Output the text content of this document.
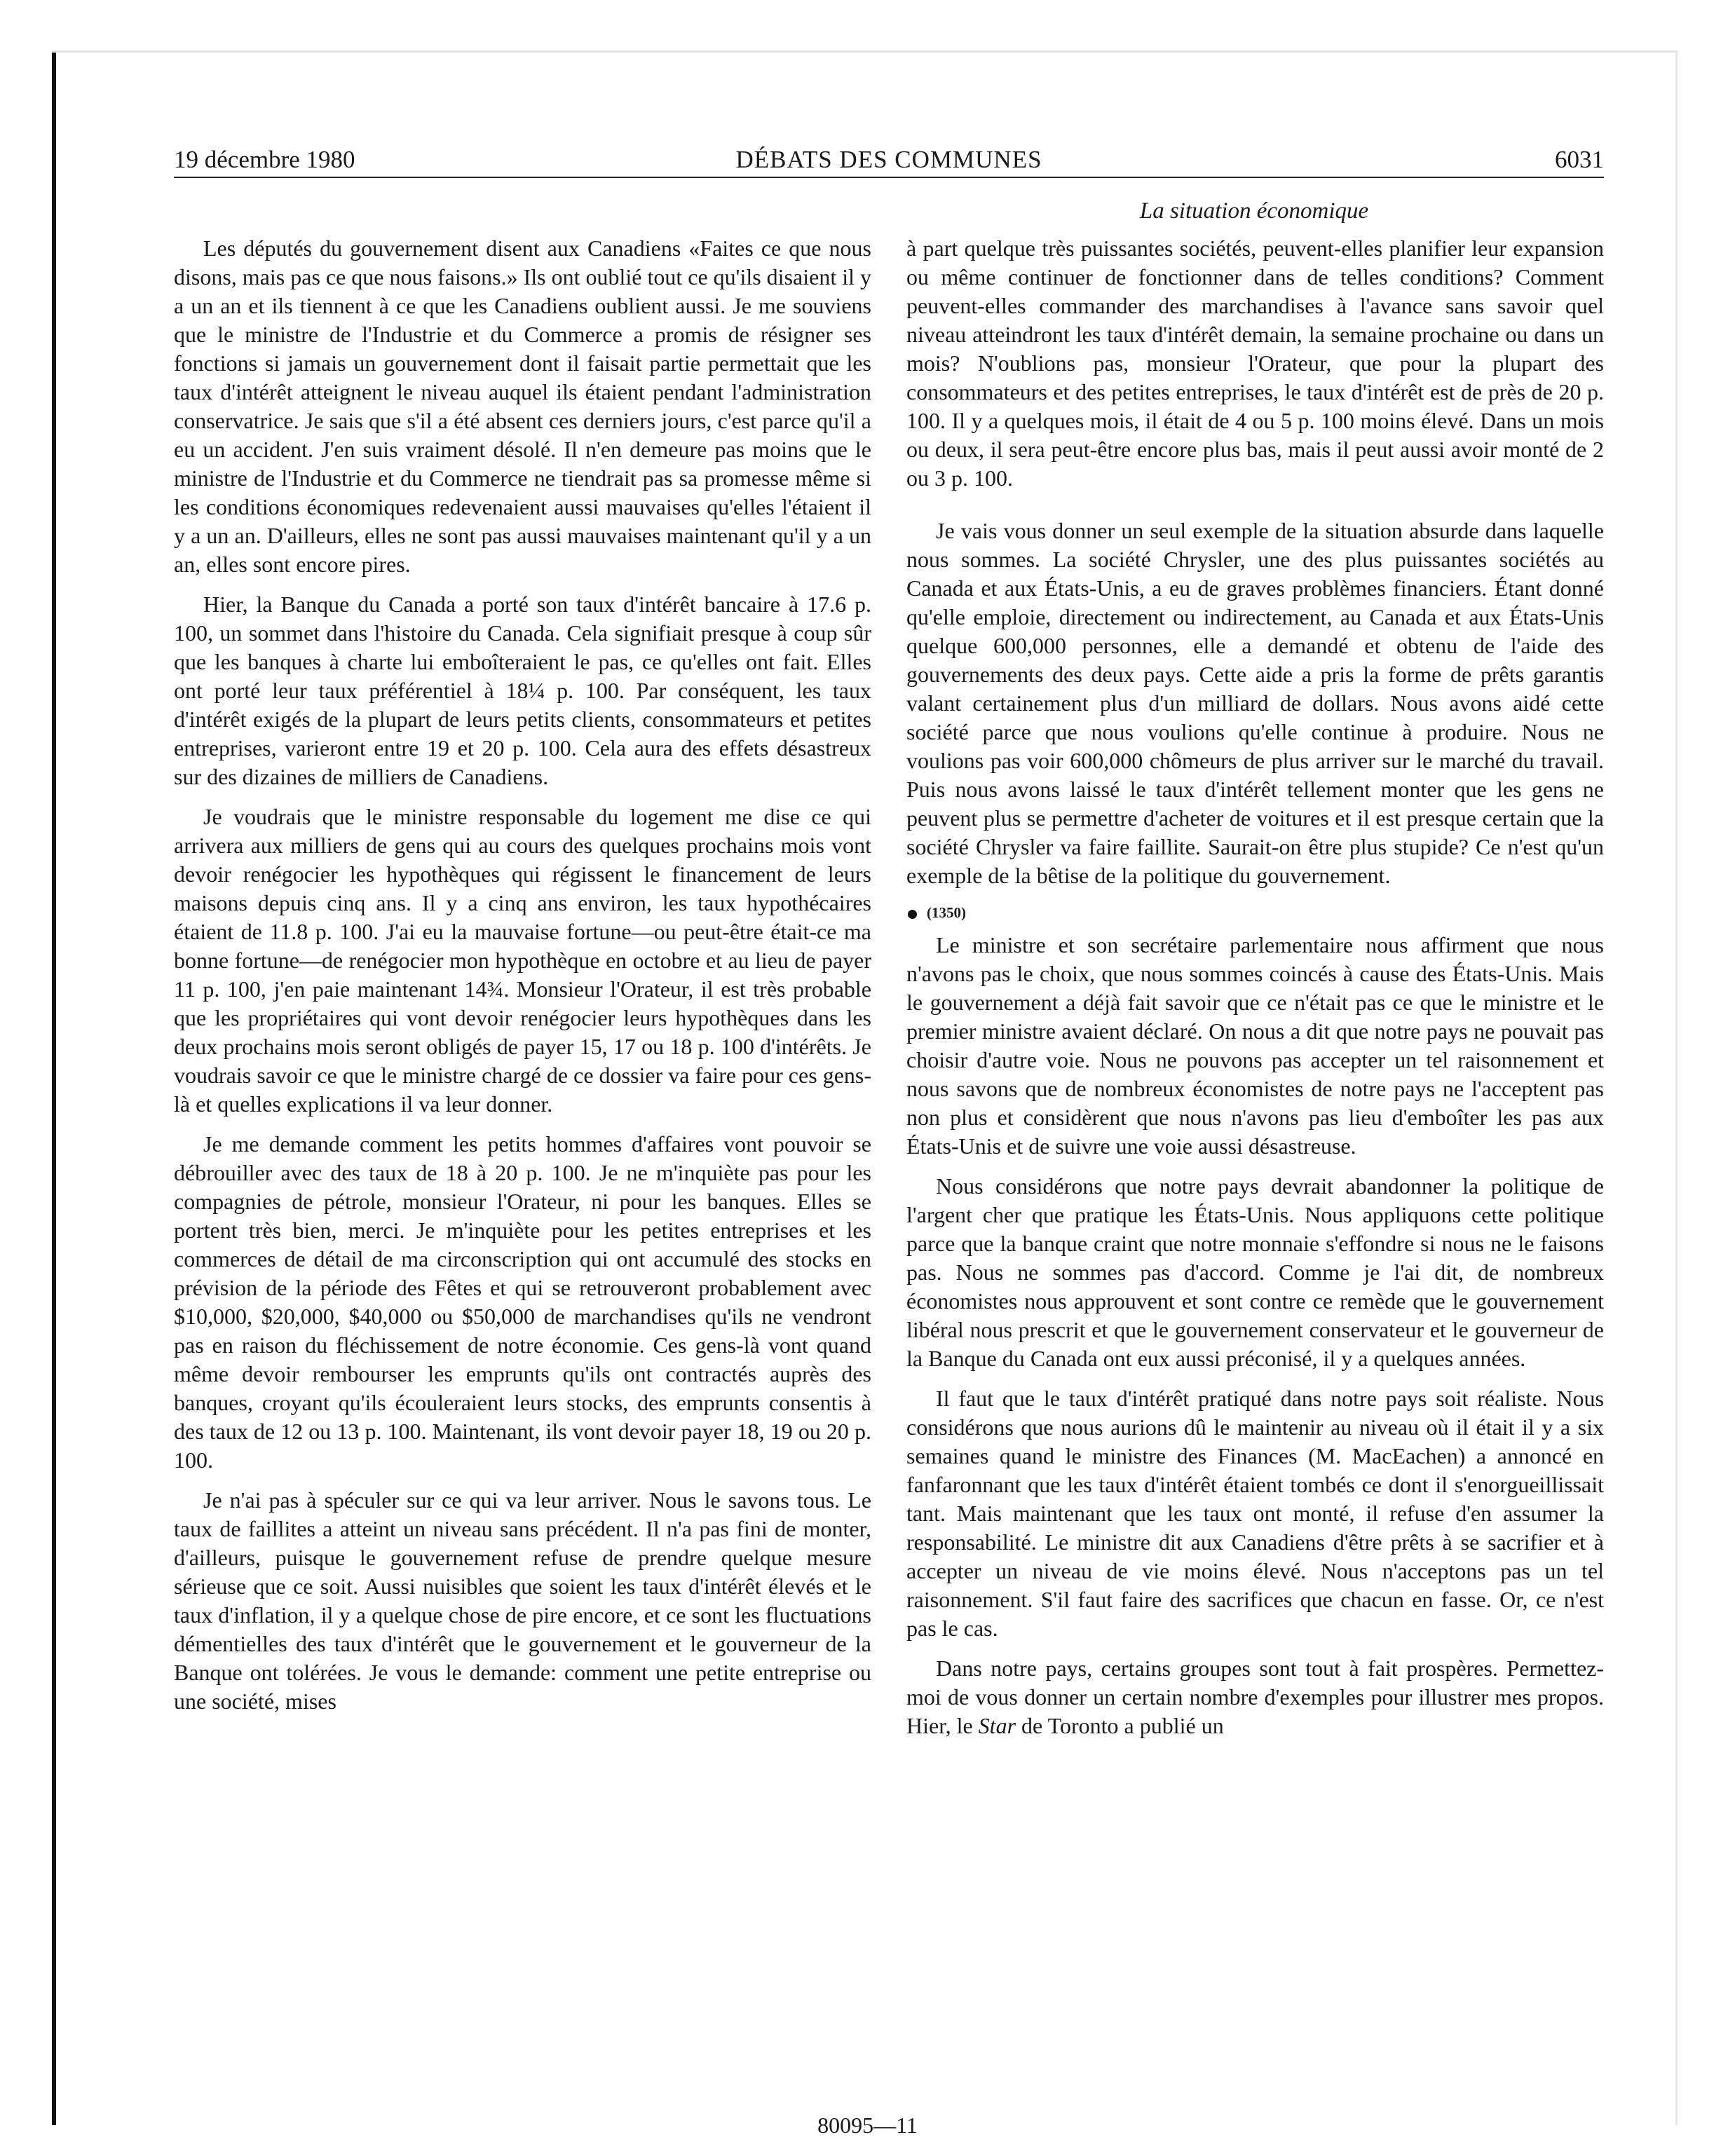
19 décembre 1980	DÉBATS DES COMMUNES	6031
La situation économique

Les députés du gouvernement disent aux Canadiens «Faites ce que nous disons, mais pas ce que nous faisons.» Ils ont oublié tout ce qu'ils disaient il y a un an et ils tiennent à ce que les Canadiens oublient aussi. Je me souviens que le ministre de l'Industrie et du Commerce a promis de résigner ses fonctions si jamais un gouvernement dont il faisait partie permettait que les taux d'intérêt atteignent le niveau auquel ils étaient pendant l'administration conservatrice. Je sais que s'il a été absent ces derniers jours, c'est parce qu'il a eu un accident. J'en suis vraiment désolé. Il n'en demeure pas moins que le ministre de l'Industrie et du Commerce ne tiendrait pas sa promesse même si les conditions économiques redevenaient aussi mauvaises qu'elles l'étaient il y a un an. D'ailleurs, elles ne sont pas aussi mauvaises maintenant qu'il y a un an, elles sont encore pires.

Hier, la Banque du Canada a porté son taux d'intérêt bancaire à 17.6 p. 100, un sommet dans l'histoire du Canada. Cela signifiait presque à coup sûr que les banques à charte lui emboîteraient le pas, ce qu'elles ont fait. Elles ont porté leur taux préférentiel à 18¼ p. 100. Par conséquent, les taux d'intérêt exigés de la plupart de leurs petits clients, consommateurs et petites entreprises, varieront entre 19 et 20 p. 100. Cela aura des effets désastreux sur des dizaines de milliers de Canadiens.

Je voudrais que le ministre responsable du logement me dise ce qui arrivera aux milliers de gens qui au cours des quelques prochains mois vont devoir renégocier les hypothèques qui régissent le financement de leurs maisons depuis cinq ans. Il y a cinq ans environ, les taux hypothécaires étaient de 11.8 p. 100. J'ai eu la mauvaise fortune—ou peut-être était-ce ma bonne fortune—de renégocier mon hypothèque en octobre et au lieu de payer 11 p. 100, j'en paie maintenant 14¾. Monsieur l'Orateur, il est très probable que les propriétaires qui vont devoir renégocier leurs hypothèques dans les deux prochains mois seront obligés de payer 15, 17 ou 18 p. 100 d'intérêts. Je voudrais savoir ce que le ministre chargé de ce dossier va faire pour ces gens-là et quelles explications il va leur donner.

Je me demande comment les petits hommes d'affaires vont pouvoir se débrouiller avec des taux de 18 à 20 p. 100. Je ne m'inquiète pas pour les compagnies de pétrole, monsieur l'Orateur, ni pour les banques. Elles se portent très bien, merci. Je m'inquiète pour les petites entreprises et les commerces de détail de ma circonscription qui ont accumulé des stocks en prévision de la période des Fêtes et qui se retrouveront probablement avec $10,000, $20,000, $40,000 ou $50,000 de marchandises qu'ils ne vendront pas en raison du fléchissement de notre économie. Ces gens-là vont quand même devoir rembourser les emprunts qu'ils ont contractés auprès des banques, croyant qu'ils écouleraient leurs stocks, des emprunts consentis à des taux de 12 ou 13 p. 100. Maintenant, ils vont devoir payer 18, 19 ou 20 p. 100.

Je n'ai pas à spéculer sur ce qui va leur arriver. Nous le savons tous. Le taux de faillites a atteint un niveau sans précédent. Il n'a pas fini de monter, d'ailleurs, puisque le gouvernement refuse de prendre quelque mesure sérieuse que ce soit. Aussi nuisibles que soient les taux d'intérêt élevés et le taux d'inflation, il y a quelque chose de pire encore, et ce sont les fluctuations démentielles des taux d'intérêt que le gouvernement et le gouverneur de la Banque ont tolérées. Je vous le demande: comment une petite entreprise ou une société, mises

à part quelque très puissantes sociétés, peuvent-elles planifier leur expansion ou même continuer de fonctionner dans de telles conditions? Comment peuvent-elles commander des marchandises à l'avance sans savoir quel niveau atteindront les taux d'intérêt demain, la semaine prochaine ou dans un mois? N'oublions pas, monsieur l'Orateur, que pour la plupart des consommateurs et des petites entreprises, le taux d'intérêt est de près de 20 p. 100. Il y a quelques mois, il était de 4 ou 5 p. 100 moins élevé. Dans un mois ou deux, il sera peut-être encore plus bas, mais il peut aussi avoir monté de 2 ou 3 p. 100.

Je vais vous donner un seul exemple de la situation absurde dans laquelle nous sommes. La société Chrysler, une des plus puissantes sociétés au Canada et aux États-Unis, a eu de graves problèmes financiers. Étant donné qu'elle emploie, directement ou indirectement, au Canada et aux États-Unis quelque 600,000 personnes, elle a demandé et obtenu de l'aide des gouvernements des deux pays. Cette aide a pris la forme de prêts garantis valant certainement plus d'un milliard de dollars. Nous avons aidé cette société parce que nous voulions qu'elle continue à produire. Nous ne voulions pas voir 600,000 chômeurs de plus arriver sur le marché du travail. Puis nous avons laissé le taux d'intérêt tellement monter que les gens ne peuvent plus se permettre d'acheter de voitures et il est presque certain que la société Chrysler va faire faillite. Saurait-on être plus stupide? Ce n'est qu'un exemple de la bêtise de la politique du gouvernement.

(1350)

Le ministre et son secrétaire parlementaire nous affirment que nous n'avons pas le choix, que nous sommes coincés à cause des États-Unis. Mais le gouvernement a déjà fait savoir que ce n'était pas ce que le ministre et le premier ministre avaient déclaré. On nous a dit que notre pays ne pouvait pas choisir d'autre voie. Nous ne pouvons pas accepter un tel raisonnement et nous savons que de nombreux économistes de notre pays ne l'acceptent pas non plus et considèrent que nous n'avons pas lieu d'emboîter les pas aux États-Unis et de suivre une voie aussi désastreuse.

Nous considérons que notre pays devrait abandonner la politique de l'argent cher que pratique les États-Unis. Nous appliquons cette politique parce que la banque craint que notre monnaie s'effondre si nous ne le faisons pas. Nous ne sommes pas d'accord. Comme je l'ai dit, de nombreux économistes nous approuvent et sont contre ce remède que le gouvernement libéral nous prescrit et que le gouvernement conservateur et le gouverneur de la Banque du Canada ont eux aussi préconisé, il y a quelques années.

Il faut que le taux d'intérêt pratiqué dans notre pays soit réaliste. Nous considérons que nous aurions dû le maintenir au niveau où il était il y a six semaines quand le ministre des Finances (M. MacEachen) a annoncé en fanfaronnant que les taux d'intérêt étaient tombés ce dont il s'enorgueillissait tant. Mais maintenant que les taux ont monté, il refuse d'en assumer la responsabilité. Le ministre dit aux Canadiens d'être prêts à se sacrifier et à accepter un niveau de vie moins élevé. Nous n'acceptons pas un tel raisonnement. S'il faut faire des sacrifices que chacun en fasse. Or, ce n'est pas le cas.

Dans notre pays, certains groupes sont tout à fait prospères. Permettez-moi de vous donner un certain nombre d'exemples pour illustrer mes propos. Hier, le Star de Toronto a publié un

80095—11
